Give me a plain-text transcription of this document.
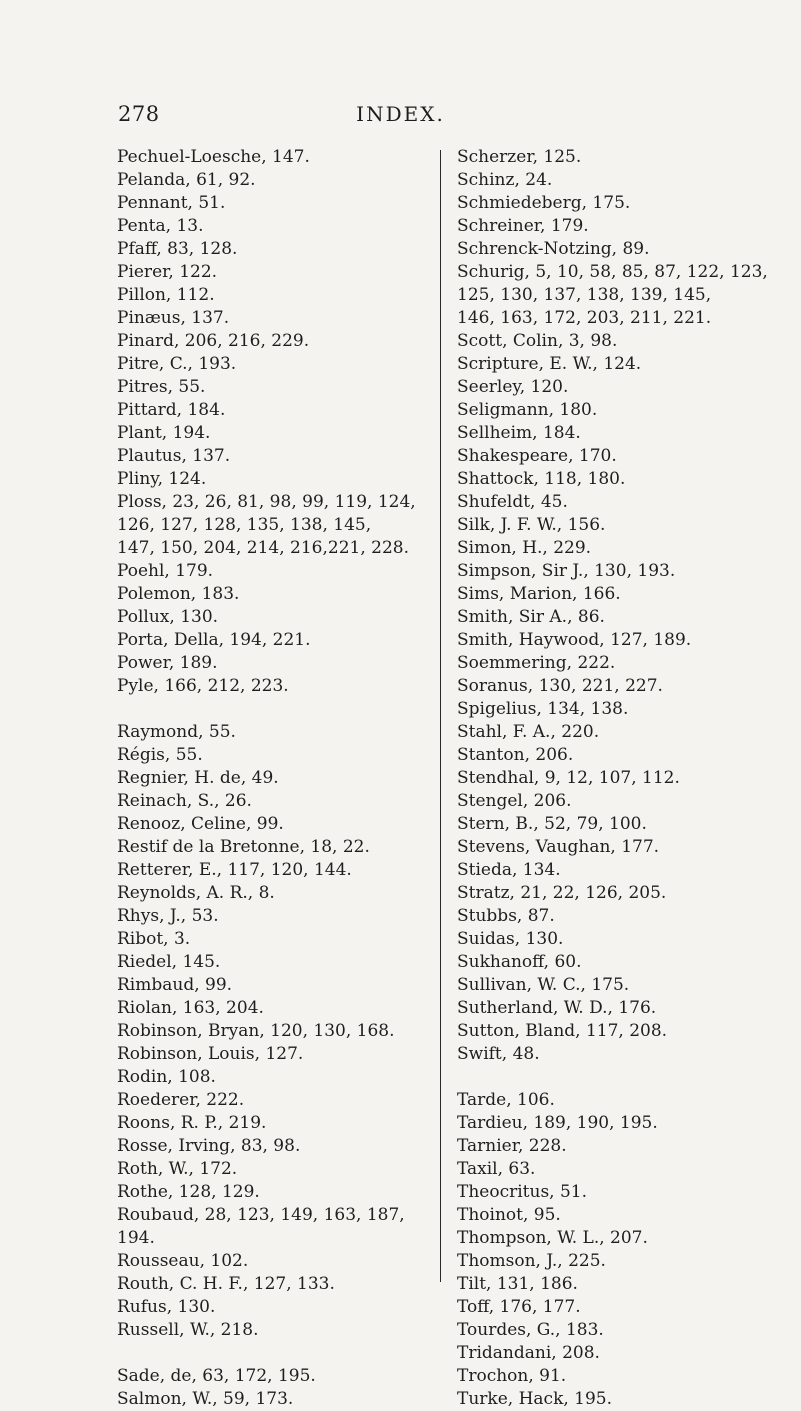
278	INDEX.
Pechuel-Loesche, 147.
Pelanda, 61, 92.
Pennant, 51.
Penta, 13.
Pfaff, 83, 128.
Pierer, 122.
Pillon, 112.
Pinæus, 137.
Pinard, 206, 216, 229.
Pitre, C., 193.
Pitres, 55.
Pittard, 184.
Plant, 194.
Plautus, 137.
Pliny, 124.
Ploss, 23, 26, 81, 98, 99, 119, 124,
126, 127, 128, 135, 138, 145,
147, 150, 204, 214, 216,221, 228.
Poehl, 179.
Polemon, 183.
Pollux, 130.
Porta, Della, 194, 221.
Power, 189.
Pyle, 166, 212, 223.
Raymond, 55.
Régis, 55.
Regnier, H. de, 49.
Reinach, S., 26.
Renooz, Celine, 99.
Restif de la Bretonne, 18, 22.
Retterer, E., 117, 120, 144.
Reynolds, A. R., 8.
Rhys, J., 53.
Ribot, 3.
Riedel, 145.
Rimbaud, 99.
Riolan, 163, 204.
Robinson, Bryan, 120, 130, 168.
Robinson, Louis, 127.
Rodin, 108.
Roederer, 222.
Roons, R. P., 219.
Rosse, Irving, 83, 98.
Roth, W., 172.
Rothe, 128, 129.
Roubaud, 28, 123, 149, 163, 187,
194.
Rousseau, 102.
Routh, C. H. F., 127, 133.
Rufus, 130.
Russell, W., 218.
Sade, de, 63, 172, 195.
Salmon, W., 59, 173.
Scherzer, 125.
Schinz, 24.
Schmiedeberg, 175.
Schreiner, 179.
Schrenck-Notzing, 89.
Schurig, 5, 10, 58, 85, 87, 122, 123,
125, 130, 137, 138, 139, 145,
146, 163, 172, 203, 211, 221.
Scott, Colin, 3, 98.
Scripture, E. W., 124.
Seerley, 120.
Seligmann, 180.
Sellheim, 184.
Shakespeare, 170.
Shattock, 118, 180.
Shufeldt, 45.
Silk, J. F. W., 156.
Simon, H., 229.
Simpson, Sir J., 130, 193.
Sims, Marion, 166.
Smith, Sir A., 86.
Smith, Haywood, 127, 189.
Soemmering, 222.
Soranus, 130, 221, 227.
Spigelius, 134, 138.
Stahl, F. A., 220.
Stanton, 206.
Stendhal, 9, 12, 107, 112.
Stengel, 206.
Stern, B., 52, 79, 100.
Stevens, Vaughan, 177.
Stieda, 134.
Stratz, 21, 22, 126, 205.
Stubbs, 87.
Suidas, 130.
Sukhanoff, 60.
Sullivan, W. C., 175.
Sutherland, W. D., 176.
Sutton, Bland, 117, 208.
Swift, 48.
Tarde, 106.
Tardieu, 189, 190, 195.
Tarnier, 228.
Taxil, 63.
Theocritus, 51.
Thoinot, 95.
Thompson, W. L., 207.
Thomson, J., 225.
Tilt, 131, 186.
Toff, 176, 177.
Tourdes, G., 183.
Tridandani, 208.
Trochon, 91.
Turke, Hack, 195.
